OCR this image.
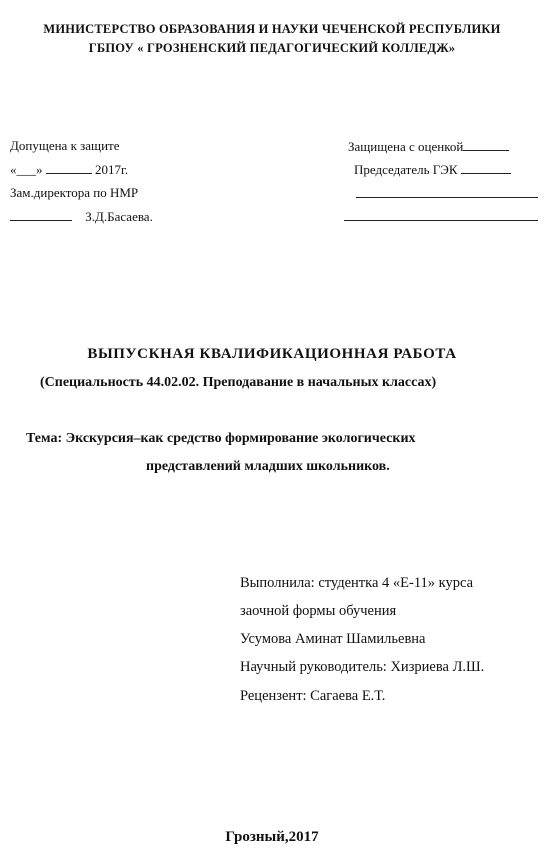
МИНИСТЕРСТВО ОБРАЗОВАНИЯ И НАУКИ ЧЕЧЕНСКОЙ РЕСПУБЛИКИ
ГБПОУ « ГРОЗНЕНСКИЙ ПЕДАГОГИЧЕСКИЙ КОЛЛЕДЖ»
Допущена к защите
«___»	2017г.
Зам.директора по НМР
З.Д.Басаева.
Защищена с оценкой
Председатель ГЭК
ВЫПУСКНАЯ КВАЛИФИКАЦИОННАЯ РАБОТА
(Специальность 44.02.02. Преподавание в начальных классах)
Тема: Экскурсия–как средство формирование экологических
представлений младших школьников.
Выполнила: студентка 4 «Е-11» курса
заочной формы обучения
Усумова Аминат Шамильевна
Научный руководитель: Хизриева Л.Ш.
Рецензент: Сагаева Е.Т.
Грозный,2017
